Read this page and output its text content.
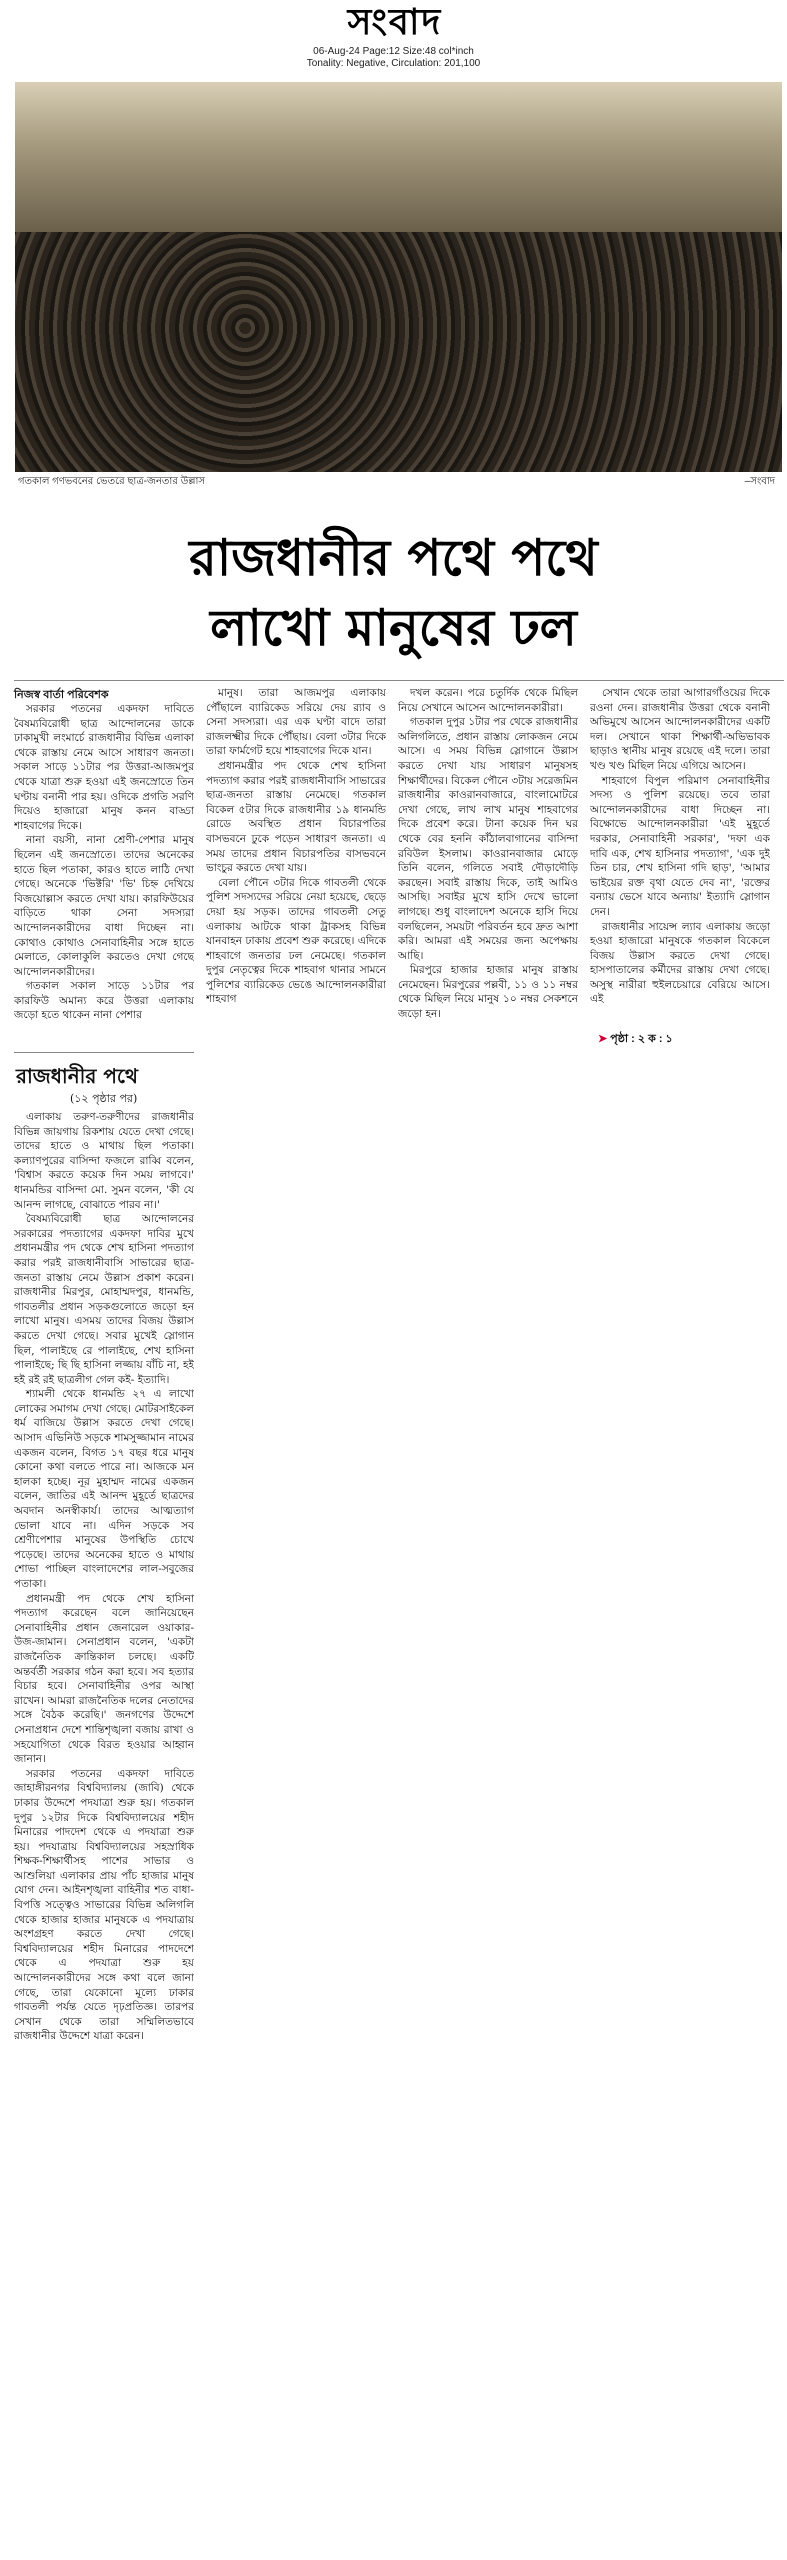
সংবাদ
06-Aug-24 Page:12 Size:48 col*inch
Tonality: Negative, Circulation: 201,100
গতকাল গণভবনের ভেতরে ছাত্র-জনতার উল্লাস	–সংবাদ
রাজধানীর পথে পথে
লাখো মানুষের ঢল
নিজস্ব বার্তা পরিবেশক

সরকার পতনের একদফা দাবিতে বৈষম্যবিরোধী ছাত্র আন্দোলনের ডাকে ঢাকামুখী লংমার্চে রাজধানীর বিভিন্ন এলাকা থেকে রাস্তায় নেমে আসে সাধারণ জনতা। সকাল সাড়ে ১১টার পর উত্তরা-আজমপুর থেকে যাত্রা শুরু হওয়া এই জনস্রোতে তিন ঘণ্টায় বনানী পার হয়। ওদিকে প্রগতি সরণি দিয়েও হাজারো মানুষ কনন বাড্ডা শাহবাগের দিকে।

নানা বয়সী, নানা শ্রেণী-পেশার মানুষ ছিলেন এই জনস্রোতে। তাদের অনেকের হাতে ছিল পতাকা, কারও হাতে লাঠি দেখা গেছে। অনেকে 'ভিক্টরি' 'ভি' চিহ্ন দেখিয়ে বিজয়োল্লাস করতে দেখা যায়। কারফিউয়ের বাড়িতে থাকা সেনা সদস্যরা আন্দোলনকারীদের বাধা দিচ্ছেন না। কোথাও কোথাও সেনাবাহিনীর সঙ্গে হাতে মেলাতে, কোলাকুলি করতেও দেখা গেছে আন্দোলনকারীদের।

গতকাল সকাল সাড়ে ১১টার পর কারফিউ অমান্য করে উত্তরা এলাকায় জড়ো হতে থাকেন নানা পেশার

মানুষ। তারা আজমপুর এলাকায় পৌঁছালে ব্যারিকেড সরিয়ে দেয় র‍্যাব ও সেনা সদস্যরা। এর এক ঘণ্টা বাদে তারা রাজলক্ষ্মীর দিকে পৌঁছায়। বেলা ৩টার দিকে তারা ফার্মগেট হয়ে শাহবাগের দিকে যান।

প্রধানমন্ত্রীর পদ থেকে শেখ হাসিনা পদত্যাগ করার পরই রাজধানীবাসি সাভারের ছাত্র-জনতা রাস্তায় নেমেছে। গতকাল বিকেল ৫টার দিকে রাজধানীর ১৯ ধানমন্ডি রোডে অবস্থিত প্রধান বিচারপতির বাসভবনে ঢুকে পড়েন সাধারণ জনতা। এ সময় তাদের প্রধান বিচারপতির বাসভবনে ভাংচুর করতে দেখা যায়।

বেলা পৌনে ৩টার দিকে গাবতলী থেকে পুলিশ সদস্যদের সরিয়ে নেয়া হয়েছে, ছেড়ে দেয়া হয় সড়ক। তাদের গাবতলী সেতু এলাকায় আটকে থাকা ট্রাকসহ বিভিন্ন যানবাহন ঢাকায় প্রবেশ শুরু করেছে। এদিকে শাহবাগে জনতার ঢল নেমেছে। গতকাল দুপুর নেতৃত্বের দিকে শাহবাগ থানার সামনে পুলিশের ব্যারিকেড ভেঙে আন্দোলনকারীরা শাহবাগ

দখল করেন। পরে চতুর্দিক থেকে মিছিল নিয়ে সেখানে আসেন আন্দোলনকারীরা।

গতকাল দুপুর ১টার পর থেকে রাজধানীর অলিগলিতে, প্রধান রাস্তায় লোকজন নেমে আসে। এ সময় বিভিন্ন স্লোগানে উল্লাস করতে দেখা যায় সাধারণ মানুষসহ শিক্ষার্থীদের। বিকেল পৌনে ৩টায় সরেজমিন রাজধানীর কাওরানবাজারে, বাংলামোটরে দেখা গেছে, লাখ লাখ মানুষ শাহবাগের দিকে প্রবেশ করে। টানা কয়েক দিন ঘর থেকে বের হননি কাঁঠালবাগানের বাসিন্দা রবিউল ইসলাম। কাওরানবাজার মোড়ে তিনি বলেন, গলিতে সবাই দৌড়াদৌড়ি করছেন। সবাই রাস্তায় দিকে, তাই আমিও আসছি। সবাইর মুখে হাসি দেখে ভালো লাগছে। শুধু বাংলাদেশ অনেকে হাসি দিয়ে বলছিলেন, সময়টা পরিবর্তন হবে দ্রুত আশা করি। আমরা এই সময়ের জন্য অপেক্ষায় আছি।

মিরপুরে হাজার হাজার মানুষ রাস্তায় নেমেছেন। মিরপুরের পল্লবী, ১১ ও ১১ নম্বর থেকে মিছিল নিয়ে মানুষ ১০ নম্বর সেকশনে জড়ো হন।

সেখান থেকে তারা আগারগাঁওয়ের দিকে রওনা দেন। রাজধানীর উত্তরা থেকে বনানী অভিমুখে আসেন আন্দোলনকারীদের একটি দল। সেখানে থাকা শিক্ষার্থী-অভিভাবক ছাড়াও স্থানীয় মানুষ রয়েছে এই দলে। তারা খণ্ড খণ্ড মিছিল নিয়ে এগিয়ে আসেন।

শাহবাগে বিপুল পরিমাণ সেনাবাহিনীর সদস্য ও পুলিশ রয়েছে। তবে তারা আন্দোলনকারীদের বাধা দিচ্ছেন না। বিক্ষোভে আন্দোলনকারীরা 'এই মুহূর্তে দরকার, সেনাবাহিনী সরকার', 'দফা এক দাবি এক, শেখ হাসিনার পদত্যাগ', 'এক দুই তিন চার, শেখ হাসিনা গদি ছাড়', 'আমার ভাইয়ের রক্ত বৃথা যেতে দেব না', 'রক্তের বন্যায় ভেসে যাবে অন্যায়' ইত্যাদি স্লোগান দেন।

রাজধানীর সায়েন্স ল্যাব এলাকায় জড়ো হওয়া হাজারো মানুষকে গতকাল বিকেলে বিজয় উল্লাস করতে দেখা গেছে। হাসপাতালের কর্মীদের রাস্তায় দেখা গেছে। অসুস্থ নারীরা হুইলচেয়ারে বেরিয়ে আসে। এই

➤ পৃষ্ঠা : ২ ক : ১
রাজধানীর পথে
(১২ পৃষ্ঠার পর)

এলাকায় তরুণ-তরুণীদের রাজধানীর বিভিন্ন জায়গায় রিকশায় যেতে দেখা গেছে। তাদের হাতে ও মাথায় ছিল পতাকা। কল্যাণপুরের বাসিন্দা ফজলে রাব্বি বলেন, 'বিশ্বাস করতে কয়েক দিন সময় লাগবে।' ধানমন্ডির বাসিন্দা মো. সুমন বলেন, 'কী যে আনন্দ লাগছে, বোঝাতে পারব না।'

বৈষম্যবিরোধী ছাত্র আন্দোলনের সরকারের পদত্যাগের একদফা দাবির মুখে প্রধানমন্ত্রীর পদ থেকে শেখ হাসিনা পদত্যাগ করার পরই রাজধানীবাসি সাভারের ছাত্র-জনতা রাস্তায় নেমে উল্লাস প্রকাশ করেন। রাজধানীর মিরপুর, মোহাম্মদপুর, ধানমন্ডি, গাবতলীর প্রধান সড়কগুলোতে জড়ো হন লাখো মানুষ। এসময় তাদের বিজয় উল্লাস করতে দেখা গেছে। সবার মুখেই স্লোগান ছিল, পালাইছে রে পালাইছে, শেখ হাসিনা পালাইছে; ছি ছি হাসিনা লজ্জায় বাঁচি না, হই হই রই রই ছাত্রলীগ গেল কই- ইত্যাদি।

শ্যামলী থেকে ধানমন্ডি ২৭ এ লাখো লোকের সমাগম দেখা গেছে। মোটরসাইকেল ধর্ম বাজিয়ে উল্লাস করতে দেখা গেছে। আসাদ এভিনিউ সড়কে শামসুজ্জামান নামের একজন বলেন, বিগত ১৭ বছর ধরে মানুষ কোনো কথা বলতে পারে না। আজকে মন হালকা হচ্ছে। নূর মুহাম্মদ নামের একজন বলেন, জাতির এই আনন্দ মুহূর্তে ছাত্রদের অবদান অনস্বীকার্য। তাদের আত্মত্যাগ ভোলা যাবে না। এদিন সড়কে সব শ্রেণীপেশার মানুষের উপস্থিতি চোখে পড়েছে। তাদের অনেকের হাতে ও মাথায় শোভা পাচ্ছিল বাংলাদেশের লাল-সবুজের পতাকা।

প্রধানমন্ত্রী পদ থেকে শেখ হাসিনা পদত্যাগ করেছেন বলে জানিয়েছেন সেনাবাহিনীর প্রধান জেনারেল ওয়াকার-উজ-জামান। সেনাপ্রধান বলেন, 'একটা রাজনৈতিক ক্রান্তিকাল চলছে। একটি অন্তর্বর্তী সরকার গঠন করা হবে। সব হত্যার বিচার হবে। সেনাবাহিনীর ওপর আস্থা রাখেন। আমরা রাজনৈতিক দলের নেতাদের সঙ্গে বৈঠক করেছি।' জনগণের উদ্দেশে সেনাপ্রধান দেশে শান্তিশৃঙ্খলা বজায় রাখা ও সহযোগিতা থেকে বিরত হওয়ার আহ্বান জানান।

সরকার পতনের একদফা দাবিতে জাহাঙ্গীরনগর বিশ্ববিদ্যালয় (জাবি) থেকে ঢাকার উদ্দেশে পদযাত্রা শুরু হয়। গতকাল দুপুর ১২টার দিকে বিশ্ববিদ্যালয়ের শহীদ মিনারের পাদদেশ থেকে এ পদযাত্রা শুরু হয়। পদযাত্রায় বিশ্ববিদ্যালয়ের সহস্রাধিক শিক্ষক-শিক্ষার্থীসহ পাশের সাভার ও আশুলিয়া এলাকার প্রায় পাঁচ হাজার মানুষ যোগ দেন। আইনশৃঙ্খলা বাহিনীর শত বাধা-বিপত্তি সত্ত্বেও সাভারের বিভিন্ন অলিগলি থেকে হাজার হাজার মানুষকে এ পদযাত্রায় অংশগ্রহণ করতে দেখা গেছে। বিশ্ববিদ্যালয়ের শহীদ মিনারের পাদদেশে থেকে এ পদযাত্রা শুরু হয় আন্দোলনকারীদের সঙ্গে কথা বলে জানা গেছে, তারা যেকোনো মূল্যে ঢাকার গাবতলী পর্যন্ত যেতে দৃঢ়প্রতিজ্ঞ। তারপর সেখান থেকে তারা সম্মিলিতভাবে রাজধানীর উদ্দেশে যাত্রা করেন।
